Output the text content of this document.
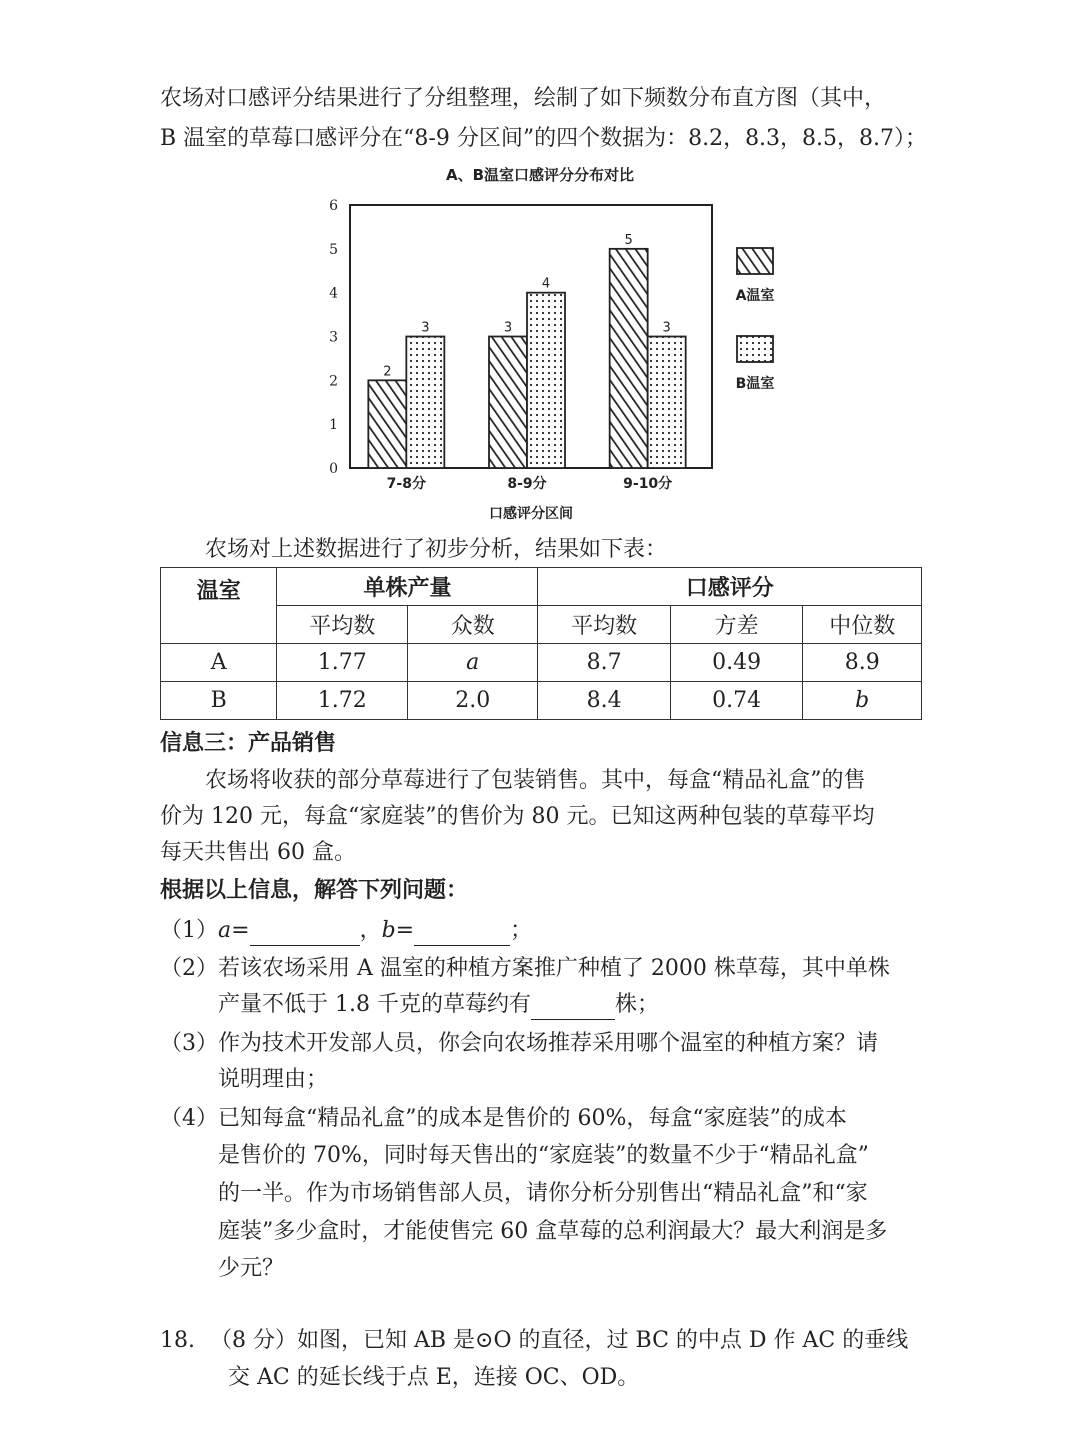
农场对口感评分结果进行了分组整理，绘制了如下频数分布直方图（其中，
B 温室的草莓口感评分在“8-9 分区间”的四个数据为：8.2，8.3，8.5，8.7）；
A、B温室口感评分分布对比
0
1
2
3
4
5
6
2
3
7-8分
3
4
8-9分
5
3
9-10分
口感评分区间
A温室
B温室
农场对上述数据进行了初步分析，结果如下表：
温室	单株产量		口感评分		
	平均数	众数	平均数	方差	中位数
A	1.77	a	8.7	0.49	8.9
B	1.72	2.0	8.4	0.74	b
信息三：产品销售
农场将收获的部分草莓进行了包装销售。其中，每盒“精品礼盒”的售
价为 120 元，每盒“家庭装”的售价为 80 元。已知这两种包装的草莓平均
每天共售出 60 盒。
根据以上信息，解答下列问题：
（1）a=	，b=	；
（2）若该农场采用 A 温室的种植方案推广种植了 2000 株草莓，其中单株
产量不低于 1.8 千克的草莓约有	株；
（3）作为技术开发部人员，你会向农场推荐采用哪个温室的种植方案？请
说明理由；
（4）已知每盒“精品礼盒”的成本是售价的 60%，每盒“家庭装”的成本
是售价的 70%，同时每天售出的“家庭装”的数量不少于“精品礼盒”
的一半。作为市场销售部人员，请你分析分别售出“精品礼盒”和“家
庭装”多少盒时，才能使售完 60 盒草莓的总利润最大？最大利润是多
少元？
18. （8 分）如图，已知 AB 是⊙O 的直径，过 BC 的中点 D 作 AC 的垂线
交 AC 的延长线于点 E，连接 OC、OD。
